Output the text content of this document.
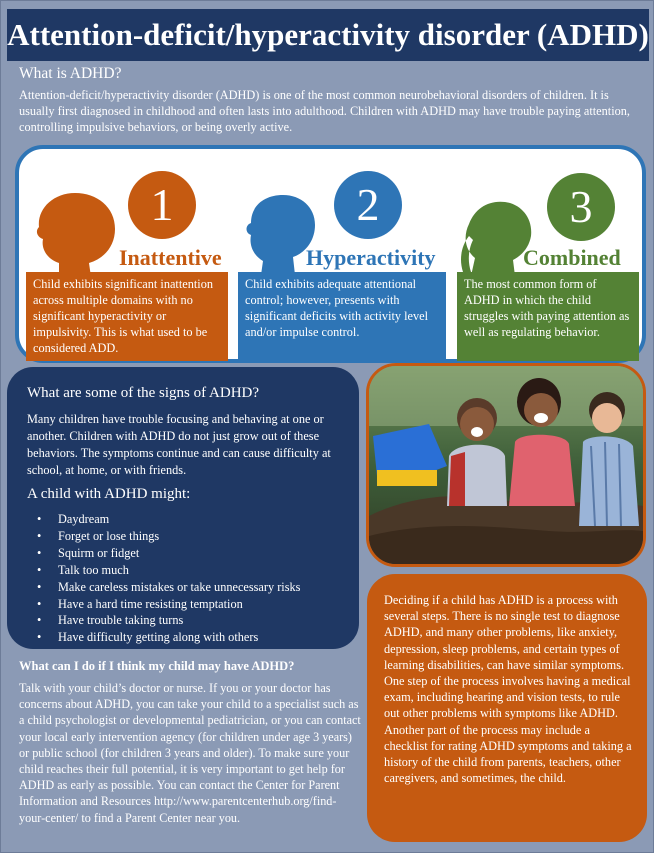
Attention-deficit/hyperactivity disorder (ADHD)
What is ADHD?
Attention-deficit/hyperactivity disorder (ADHD) is one of the most common neurobehavioral disorders of children. It is usually first diagnosed in childhood and often lasts into adulthood. Children with ADHD may have trouble paying attention, controlling impulsive behaviors, or being overly active.
1
Inattentive
Child exhibits significant inattention across multiple domains with no significant hyperactivity or impulsivity. This is what used to be considered ADD.
2
Hyperactivity
Child exhibits adequate attentional control; however, presents with significant deficits with activity level and/or impulse control.
3
Combined
The most common form of ADHD in which the child struggles with paying attention as well as regulating behavior.
What are some of the signs of ADHD?
Many children have trouble focusing and behaving at one or another. Children with ADHD do not just grow out of these behaviors. The symptoms continue and can cause difficulty at school, at home, or with friends.
A child with ADHD might:
• Daydream
• Forget or lose things
• Squirm or fidget
• Talk too much
• Make careless mistakes or take unnecessary risks
• Have a hard time resisting temptation
• Have trouble taking turns
• Have difficulty getting along with others
Deciding if a child has ADHD is a process with several steps. There is no single test to diagnose ADHD, and many other problems, like anxiety, depression, sleep problems, and certain types of learning disabilities, can have similar symptoms. One step of the process involves having a medical exam, including hearing and vision tests, to rule out other problems with symptoms like ADHD. Another part of the process may include a checklist for rating ADHD symptoms and taking a history of the child from parents, teachers, other caregivers, and sometimes, the child.
What can I do if I think my child may have ADHD?
Talk with your child’s doctor or nurse. If you or your doctor has concerns about ADHD, you can take your child to a specialist such as a child psychologist or developmental pediatrician, or you can contact your local early intervention agency (for children under age 3 years) or public school (for children 3 years and older). To make sure your child reaches their full potential, it is very important to get help for ADHD as early as possible. You can contact the Center for Parent Information and Resources http://www.parentcenterhub.org/find-your-center/ to find a Parent Center near you.
